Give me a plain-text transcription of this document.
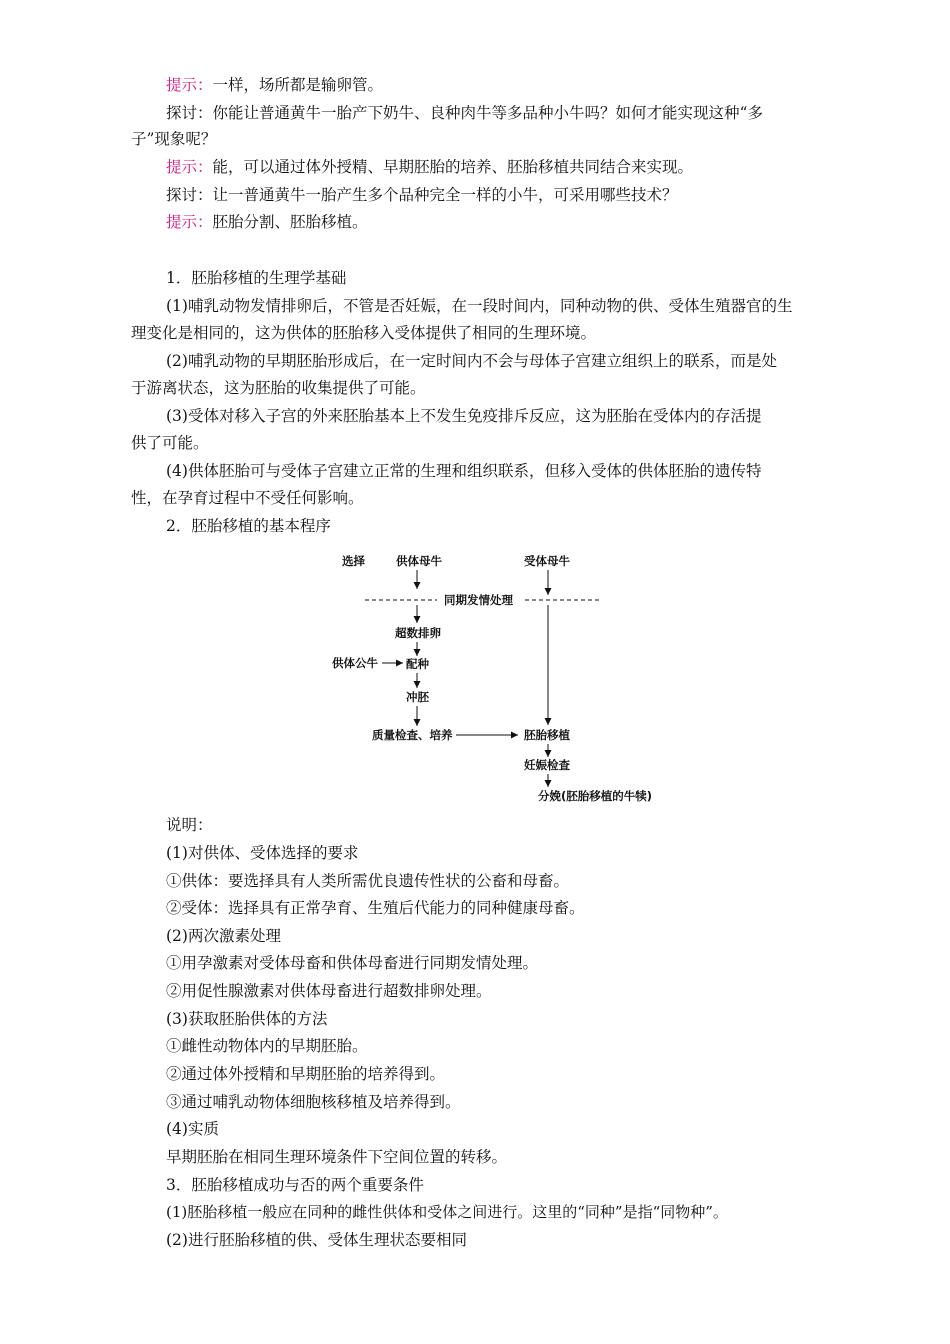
提示：一样，场所都是输卵管。
探讨：你能让普通黄牛一胎产下奶牛、良种肉牛等多品种小牛吗？如何才能实现这种“多
子”现象呢？
提示：能，可以通过体外授精、早期胚胎的培养、胚胎移植共同结合来实现。
探讨：让一普通黄牛一胎产生多个品种完全一样的小牛，可采用哪些技术？
提示：胚胎分割、胚胎移植。
1．胚胎移植的生理学基础
(1)哺乳动物发情排卵后，不管是否妊娠，在一段时间内，同种动物的供、受体生殖器官的生
理变化是相同的，这为供体的胚胎移入受体提供了相同的生理环境。
(2)哺乳动物的早期胚胎形成后，在一定时间内不会与母体子宫建立组织上的联系，而是处
于游离状态，这为胚胎的收集提供了可能。
(3)受体对移入子宫的外来胚胎基本上不发生免疫排斥反应，这为胚胎在受体内的存活提
供了可能。
(4)供体胚胎可与受体子宫建立正常的生理和组织联系，但移入受体的供体胚胎的遗传特
性，在孕育过程中不受任何影响。
2．胚胎移植的基本程序
选择	供体母牛	受体母牛
同期发情处理
超数排卵
供体公牛 配种
冲胚
质量检查、培养	胚胎移植
妊娠检查
分娩(胚胎移植的牛犊)
说明：
(1)对供体、受体选择的要求
①供体：要选择具有人类所需优良遗传性状的公畜和母畜。
②受体：选择具有正常孕育、生殖后代能力的同种健康母畜。
(2)两次激素处理
①用孕激素对受体母畜和供体母畜进行同期发情处理。
②用促性腺激素对供体母畜进行超数排卵处理。
(3)获取胚胎供体的方法
①雌性动物体内的早期胚胎。
②通过体外授精和早期胚胎的培养得到。
③通过哺乳动物体细胞核移植及培养得到。
(4)实质
早期胚胎在相同生理环境条件下空间位置的转移。
3．胚胎移植成功与否的两个重要条件
(1)胚胎移植一般应在同种的雌性供体和受体之间进行。这里的“同种”是指“同物种”。
(2)进行胚胎移植的供、受体生理状态要相同
